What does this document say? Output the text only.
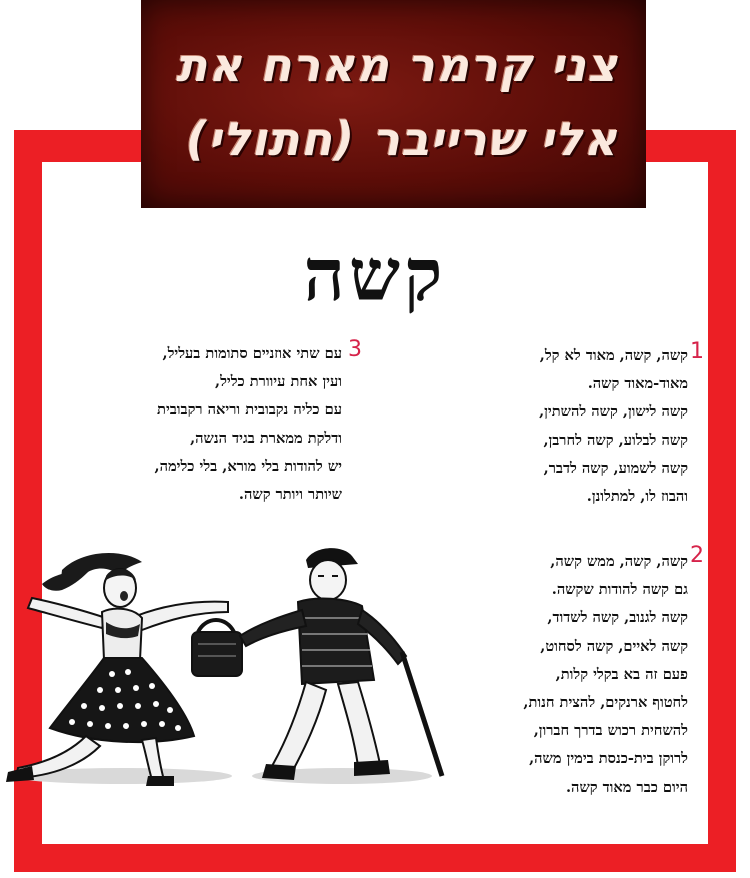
צני קרמר מארח את
אלי שרייבר (חתולי)
קשה
1
קשה, קשה, מאוד לא קל,
מאוד-מאוד קשה.
קשה לישון, קשה להשתין,
קשה לבלוע, קשה לחרבן,
קשה לשמוע, קשה לדבר,
והבוז לו, למתלונן.
2
קשה, קשה, ממש קשה,
גם קשה להודות שקשה.
קשה לגנוב, קשה לשדוד,
קשה לאיים, קשה לסחוט,
פעם זה בא בקלי קלות,
לחטוף ארנקים, להצית חנות,
להשחית רכוש בדרך חברון,
לרוקן בית-כנסת בימין משה,
היום כבר מאוד קשה.
3
עם שתי אוזניים סתומות בעליל,
ועין אחת עיוורת כליל,
עם כליה נקבובית וריאה רקבובית
ודלקת ממארת בגיד הנשה,
יש להודות בלי מורא, בלי כלימה,
שיותר ויותר קשה.
